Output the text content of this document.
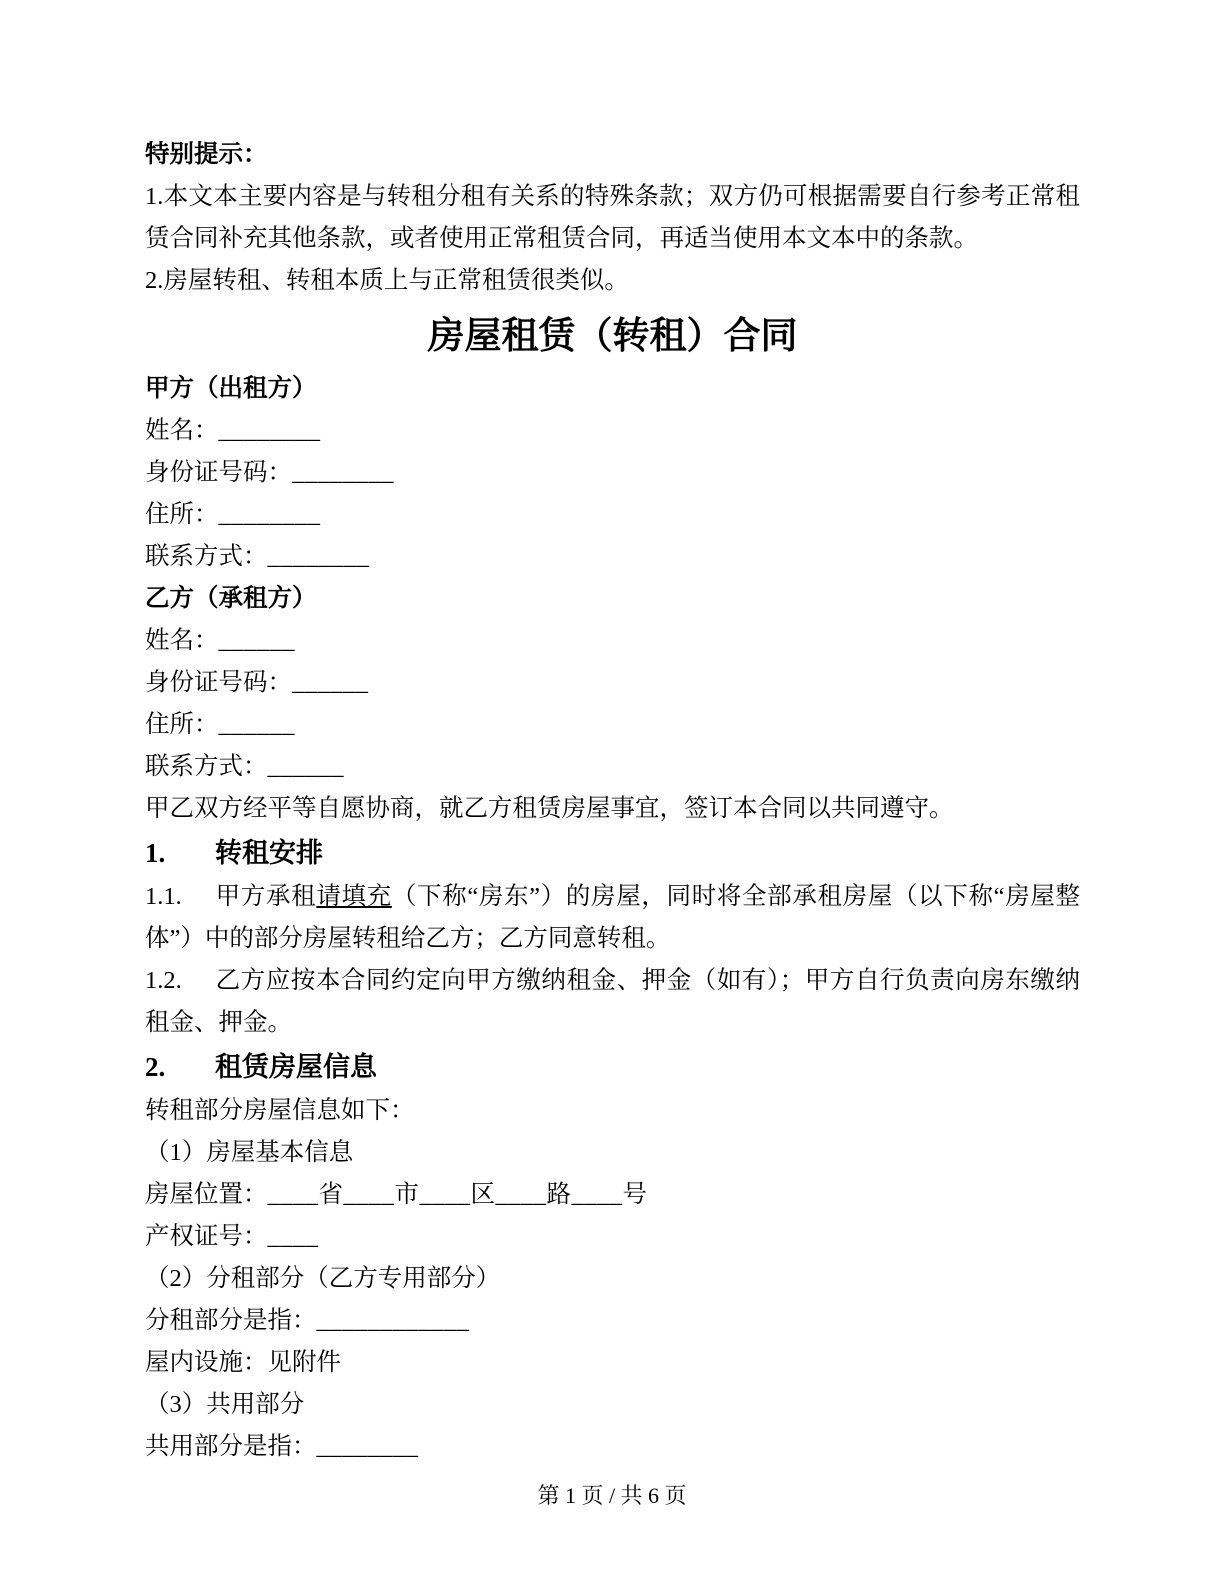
特别提示：

1.本文本主要内容是与转租分租有关系的特殊条款；双方仍可根据需要自行参考正常租赁合同补充其他条款，或者使用正常租赁合同，再适当使用本文本中的条款。

2.房屋转租、转租本质上与正常租赁很类似。

房屋租赁（转租）合同

甲方（出租方）

姓名：________

身份证号码：________

住所：________

联系方式：________

乙方（承租方）

姓名：______

身份证号码：______

住所：______

联系方式：______

甲乙双方经平等自愿协商，就乙方租赁房屋事宜，签订本合同以共同遵守。

1. 转租安排

1.1. 甲方承租请填充（下称“房东”）的房屋，同时将全部承租房屋（以下称“房屋整体”）中的部分房屋转租给乙方；乙方同意转租。

1.2. 乙方应按本合同约定向甲方缴纳租金、押金（如有）；甲方自行负责向房东缴纳租金、押金。

2. 租赁房屋信息

转租部分房屋信息如下：

（1）房屋基本信息

房屋位置：____省____市____区____路____号

产权证号：____

（2）分租部分（乙方专用部分）

分租部分是指：____________

屋内设施：见附件

（3）共用部分

共用部分是指：________

第 1 页 / 共 6 页
